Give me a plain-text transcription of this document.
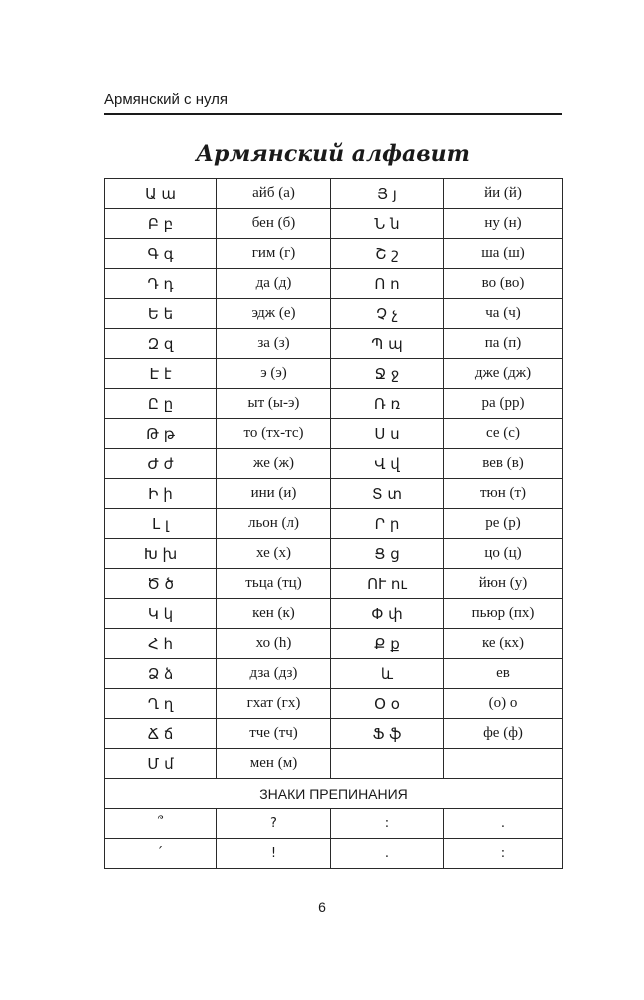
Армянский с нуля
Армянский алфавит
Ա ա	айб (а)	Յ յ	йи (й)
Բ բ	бен (б)	Ն ն	ну (н)
Գ գ	гим (г)	Շ շ	ша (ш)
Դ դ	да (д)	Ո ո	во (во)
Ե ե	эдж (е)	Չ չ	ча (ч)
Զ զ	за (з)	Պ պ	па (п)
Է է	э (э)	Ջ ջ	дже (дж)
Ը ը	ыт (ы-э)	Ռ ռ	ра (рр)
Թ թ	то (тх-тс)	Ս ս	се (с)
Ժ ժ	же (ж)	Վ վ	вев (в)
Ի ի	ини (и)	Տ տ	тюн (т)
Լ լ	льон (л)	Ր ր	ре (р)
Խ խ	хе (х)	Ց ց	цо (ц)
Ծ ծ	тьца (тц)	ՈՒ ու	йюн (у)
Կ կ	кен (к)	Փ փ	пьюр (пх)
Հ հ	хо (h)	Ք ք	ке (кх)
Ձ ձ	дза (дз)	և	ев
Ղ ղ	гхат (гх)	Օ օ	(о) о
Ճ ճ	тче (тч)	Ֆ ֆ	фе (ф)
Մ մ	мен (м)		
ЗНАКИ ПРЕПИНАНИЯ			
՞	?	:	.
՛	!	.	:
6
